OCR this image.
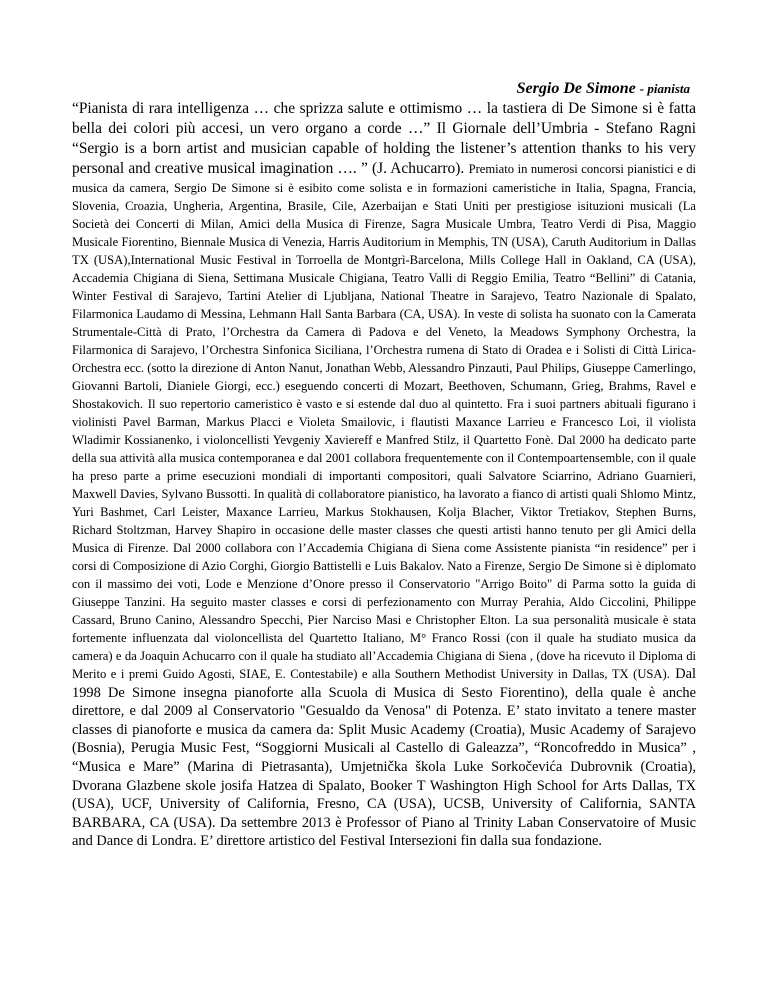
Sergio De Simone - pianista

“Pianista di rara intelligenza … che sprizza salute e ottimismo … la tastiera di De Simone si è fatta bella dei colori più accesi, un vero organo a corde …” Il Giornale dell’Umbria - Stefano Ragni “Sergio is a born artist and musician capable of holding the listener’s attention thanks to his very personal and creative musical imagination …. ” (J. Achucarro). Premiato in numerosi concorsi pianistici e di musica da camera, Sergio De Simone si è esibito come solista e in formazioni cameristiche in Italia, Spagna, Francia, Slovenia, Croazia, Ungheria, Argentina, Brasile, Cile, Azerbaijan e Stati Uniti per prestigiose isituzioni musicali (La Società dei Concerti di Milan, Amici della Musica di Firenze, Sagra Musicale Umbra, Teatro Verdi di Pisa, Maggio Musicale Fiorentino, Biennale Musica di Venezia, Harris Auditorium in Memphis, TN (USA), Caruth Auditorium in Dallas TX (USA),International Music Festival in Torroella de Montgrì-Barcelona, Mills College Hall in Oakland, CA (USA), Accademia Chigiana di Siena, Settimana Musicale Chigiana, Teatro Valli di Reggio Emilia, Teatro “Bellini” di Catania, Winter Festival di Sarajevo, Tartini Atelier di Ljubljana, National Theatre in Sarajevo, Teatro Nazionale di Spalato, Filarmonica Laudamo di Messina, Lehmann Hall Santa Barbara (CA, USA). In veste di solista ha suonato con la Camerata Strumentale-Città di Prato, l’Orchestra da Camera di Padova e del Veneto, la Meadows Symphony Orchestra, la Filarmonica di Sarajevo, l’Orchestra Sinfonica Siciliana, l’Orchestra rumena di Stato di Oradea e i Solisti di Città Lirica-Orchestra ecc. (sotto la direzione di Anton Nanut, Jonathan Webb, Alessandro Pinzauti, Paul Philips, Giuseppe Camerlingo, Giovanni Bartoli, Dianiele Giorgi, ecc.) eseguendo concerti di Mozart, Beethoven, Schumann, Grieg, Brahms, Ravel e Shostakovich. Il suo repertorio cameristico è vasto e si estende dal duo al quintetto. Fra i suoi partners abituali figurano i violinisti Pavel Barman, Markus Placci e Violeta Smailovic, i flautisti Maxance Larrieu e Francesco Loi, il violista Wladimir Kossianenko, i violoncellisti Yevgeniy Xaviereff e Manfred Stilz, il Quartetto Fonè. Dal 2000 ha dedicato parte della sua attività alla musica contemporanea e dal 2001 collabora frequentemente con il Contempoartensemble, con il quale ha preso parte a prime esecuzioni mondiali di importanti compositori, quali Salvatore Sciarrino, Adriano Guarnieri, Maxwell Davies, Sylvano Bussotti. In qualità di collaboratore pianistico, ha lavorato a fianco di artisti quali Shlomo Mintz, Yuri Bashmet, Carl Leister, Maxance Larrieu, Markus Stokhausen, Kolja Blacher, Viktor Tretiakov, Stephen Burns, Richard Stoltzman, Harvey Shapiro in occasione delle master classes che questi artisti hanno tenuto per gli Amici della Musica di Firenze. Dal 2000 collabora con l’Accademia Chigiana di Siena come Assistente pianista “in residence” per i corsi di Composizione di Azio Corghi, Giorgio Battistelli e Luis Bakalov. Nato a Firenze, Sergio De Simone si è diplomato con il massimo dei voti, Lode e Menzione d’Onore presso il Conservatorio "Arrigo Boito" di Parma sotto la guida di Giuseppe Tanzini. Ha seguito master classes e corsi di perfezionamento con Murray Perahia, Aldo Ciccolini, Philippe Cassard, Bruno Canino, Alessandro Specchi, Pier Narciso Masi e Christopher Elton. La sua personalità musicale è stata fortemente influenzata dal violoncellista del Quartetto Italiano, M° Franco Rossi (con il quale ha studiato musica da camera) e da Joaquin Achucarro con il quale ha studiato all’Accademia Chigiana di Siena , (dove ha ricevuto il Diploma di Merito e i premi Guido Agosti, SIAE, E. Contestabile) e alla Southern Methodist University in Dallas, TX (USA). Dal 1998 De Simone insegna pianoforte alla Scuola di Musica di Sesto Fiorentino), della quale è anche direttore, e dal 2009 al Conservatorio "Gesualdo da Venosa" di Potenza. E’ stato invitato a tenere master classes di pianoforte e musica da camera da: Split Music Academy (Croatia), Music Academy of Sarajevo (Bosnia), Perugia Music Fest, “Soggiorni Musicali al Castello di Galeazza”, “Roncofreddo in Musica” , “Musica e Mare” (Marina di Pietrasanta), Umjetnička škola Luke Sorkočevića Dubrovnik (Croatia), Dvorana Glazbene skole josifa Hatzea di Spalato, Booker T Washington High School for Arts Dallas, TX (USA), UCF, University of California, Fresno, CA (USA), UCSB, University of California, SANTA BARBARA, CA (USA). Da settembre 2013 è Professor of Piano al Trinity Laban Conservatoire of Music and Dance di Londra. E’ direttore artistico del Festival Intersezioni fin dalla sua fondazione.
